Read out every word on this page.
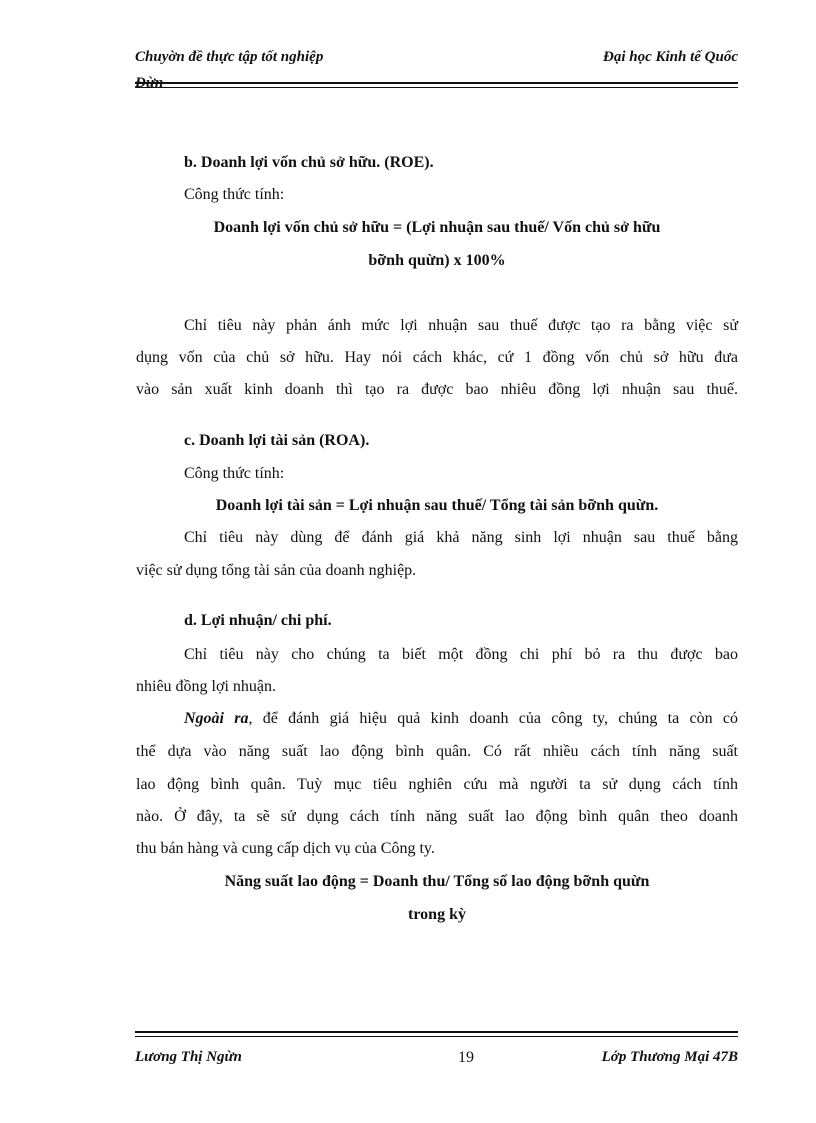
Chuyờn đề thực tập tốt nghiệp
Đừn
Đại học Kinh tế Quốc
b. Doanh lợi vốn chủ sở hữu. (ROE).
Công thức tính:
Doanh lợi vốn chủ sở hữu = (Lợi nhuận sau thuế/ Vốn chủ sở hữu
bỡnh quừn) x 100%
Chỉ tiêu này phản ánh mức lợi nhuận sau thuế được tạo ra bằng việc sử
dụng vốn của chủ sở hữu. Hay nói cách khác, cứ 1 đồng vốn chủ sở hữu đưa
vào sản xuất kinh doanh thì tạo ra được bao nhiêu đồng lợi nhuận sau thuế.
c. Doanh lợi tài sản (ROA).
Công thức tính:
Doanh lợi tài sản = Lợi nhuận sau thuế/ Tổng tài sản bỡnh quừn.
Chỉ tiêu này dùng để đánh giá khả năng sinh lợi nhuận sau thuế bằng
việc sử dụng tổng tài sản của doanh nghiệp.
d. Lợi nhuận/ chi phí.
Chỉ tiêu này cho chúng ta biết một đồng chi phí bỏ ra thu được bao
nhiêu đồng lợi nhuận.
Ngoài ra, để đánh giá hiệu quả kinh doanh của công ty, chúng ta còn có
thể dựa vào năng suất lao động bình quân. Có rất nhiều cách tính năng suất
lao động bình quân. Tuỳ mục tiêu nghiên cứu mà người ta sử dụng cách tính
nào. Ở đây, ta sẽ sử dụng cách tính năng suất lao động bình quân theo doanh
thu bán hàng và cung cấp dịch vụ của Công ty.
Năng suất lao động = Doanh thu/ Tổng số lao động bỡnh quừn
trong kỳ
Lương Thị Ngừn	19	Lớp Thương Mại 47B
